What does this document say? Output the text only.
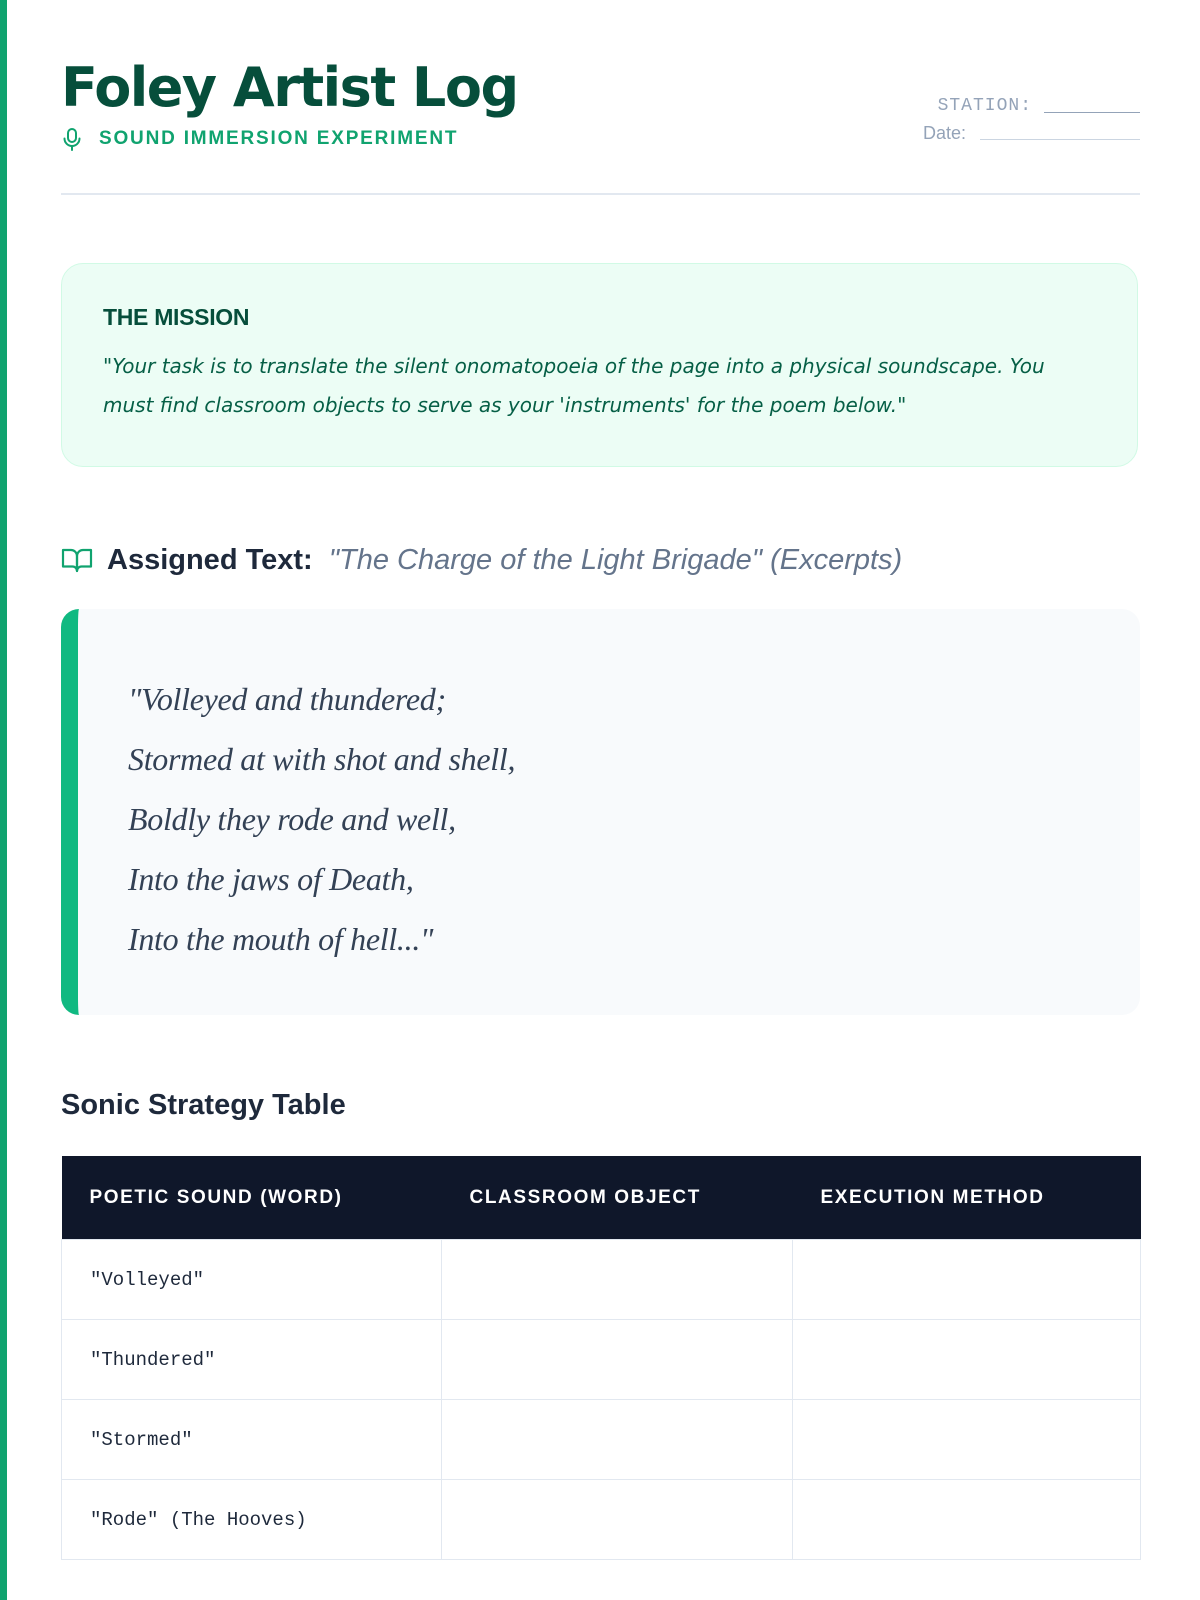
Foley Artist Log
SOUND IMMERSION EXPERIMENT
STATION:
Date:
THE MISSION

"Your task is to translate the silent onomatopoeia of the page into a physical soundscape. You must find classroom objects to serve as your 'instruments' for the poem below."

Assigned Text: "The Charge of the Light Brigade" (Excerpts)
"Volleyed and thundered;
Stormed at with shot and shell,
Boldly they rode and well,
Into the jaws of Death,
Into the mouth of hell..."
Sonic Strategy Table
POETIC SOUND (WORD)	CLASSROOM OBJECT	EXECUTION METHOD
"Volleyed"		
"Thundered"		
"Stormed"		
"Rode" (The Hooves)		
